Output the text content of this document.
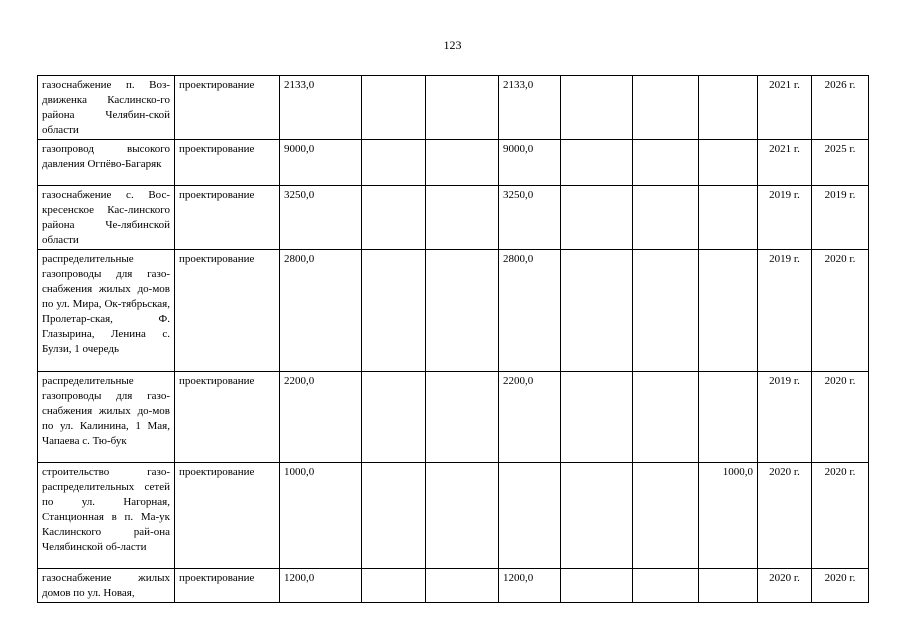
123
газоснабжение п. Воз-движенка Каслинско-го района Челябин-ской области	проектирование	2133,0			2133,0				2021 г.	2026 г.
газопровод высокого давления Огпёво-Багаряк	проектирование	9000,0			9000,0				2021 г.	2025 г.
газоснабжение с. Вос-кресенское Кас-линского района Че-лябинской области	проектирование	3250,0			3250,0				2019 г.	2019 г.
распределительные газопроводы для газо-снабжения жилых до-мов по ул. Мира, Ок-тябрьская, Пролетар-ская, Ф. Глазырина, Ленина с. Булзи, 1 очередь	проектирование	2800,0			2800,0				2019 г.	2020 г.
распределительные газопроводы для газо-снабжения жилых до-мов по ул. Калинина, 1 Мая, Чапаева с. Тю-бук	проектирование	2200,0			2200,0				2019 г.	2020 г.
строительство газо-распределительных сетей по ул. Нагорная, Станционная в п. Ма-ук Каслинского рай-она Челябинской об-ласти	проектирование	1000,0						1000,0	2020 г.	2020 г.
газоснабжение жилых домов по ул. Новая,	проектирование	1200,0			1200,0				2020 г.	2020 г.
